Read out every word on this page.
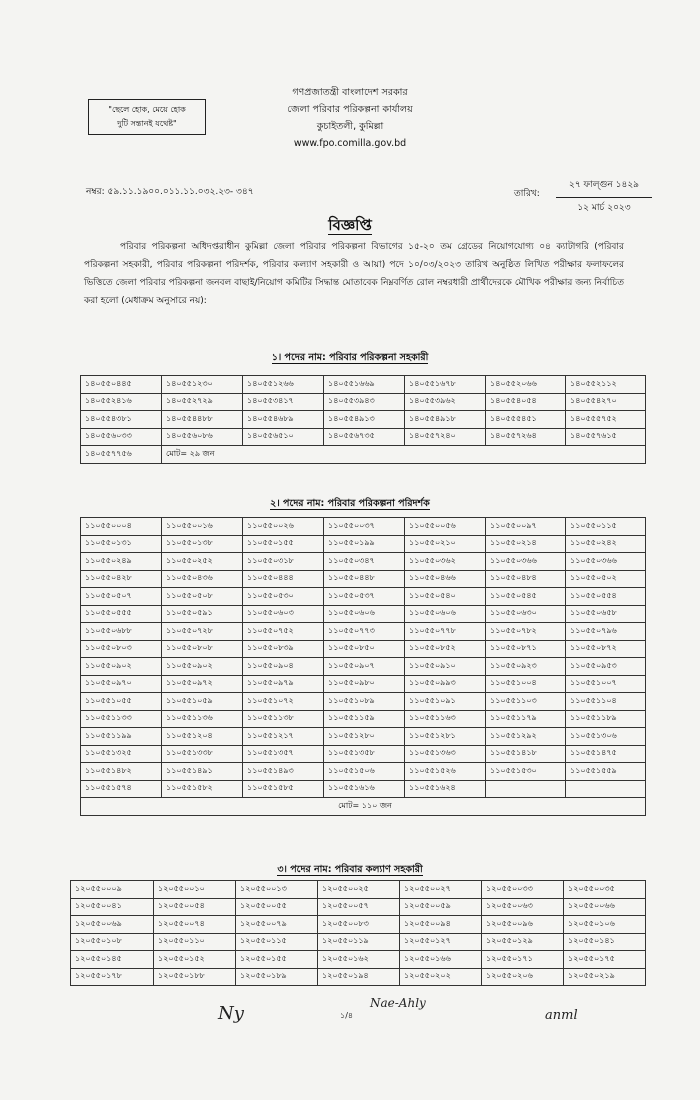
"ছেলে হোক, মেয়ে হোক
দুটি সন্তানই যথেষ্ট"
গণপ্রজাতন্ত্রী বাংলাদেশ সরকার
জেলা পরিবার পরিকল্পনা কার্যালয়
কুচাইতলী, কুমিল্লা
www.fpo.comilla.gov.bd
নম্বর: ৫৯.১১.১৯০০.০১১.১১.০৩২.২৩- ৩৪৭	তারিখ:
২৭ ফাল্গুন ১৪২৯
১২ মার্চ ২০২৩
বিজ্ঞপ্তি

পরিবার পরিকল্পনা অধিদপ্তরাধীন কুমিল্লা জেলা পরিবার পরিকল্পনা বিভাগের ১৫-২০ তম গ্রেডের নিয়োগযোগ্য ০৪ ক্যাটাগরি (পরিবার পরিকল্পনা সহকারী, পরিবার পরিকল্পনা পরিদর্শক, পরিবার কল্যাণ সহকারী ও আয়া) পদে ১০/০৩/২০২৩ তারিখ অনুষ্ঠিত লিখিত পরীক্ষার ফলাফলের ভিত্তিতে জেলা পরিবার পরিকল্পনা জনবল বাছাই/নিয়োগ কমিটির সিদ্ধান্ত মোতাবেক নিম্নবর্ণিত রোল নম্বরধারী প্রার্থীদেরকে মৌখিক পরীক্ষার জন্য নির্বাচিত করা হলো (মেধাক্রম অনুসারে নয়):

১। পদের নাম: পরিবার পরিকল্পনা সহকারী
১৪০৫৫০৪৪৫	১৪০৫৫১২৩০	১৪০৫৫১২৬৬	১৪০৫৫১৬৬৯	১৪০৫৫১৬৭৮	১৪০৫৫২০৬৬	১৪০৫৫২১১২
১৪০৫৫২৪১৬	১৪০৫৫২৭২৯	১৪০৫৫৩৪১৭	১৪০৫৫৩৯৪৩	১৪০৫৫৩৯৬২	১৪০৫৫৪০৫৪	১৪০৫৫৪২৭০
১৪০৫৫৪৩৮১	১৪০৫৫৪৪৮৮	১৪০৫৫৪৬৮৯	১৪০৫৫৪৯১৩	১৪০৫৫৪৯১৮	১৪০৫৫৫৪৫১	১৪০৫৫৫৭৫২
১৪০৫৫৬০৩৩	১৪০৫৫৬০৮৬	১৪০৫৫৬৫১০	১৪০৫৫৬৭৩৫	১৪০৫৫৭২৪০	১৪০৫৫৭২৬৪	১৪০৫৫৭৬১৫
১৪০৫৫৭৭৫৬	মোট= ২৯ জন					
২। পদের নাম: পরিবার পরিকল্পনা পরিদর্শক
১১০৫৫০০০৪	১১০৫৫০০১৬	১১০৫৫০০২৬	১১০৫৫০০৩৭	১১০৫৫০০৫৬	১১০৫৫০০৯৭	১১০৫৫০১১৫
১১০৫৫০১৩১	১১০৫৫০১৩৮	১১০৫৫০১৫৫	১১০৫৫০১৯৯	১১০৫৫০২১০	১১০৫৫০২১৪	১১০৫৫০২৪২
১১০৫৫০২৪৯	১১০৫৫০২৫২	১১০৫৫০৩১৮	১১০৫৫০৩৪৭	১১০৫৫০৩৬২	১১০৫৫০৩৬৬	১১০৫৫০৩৬৬
১১০৫৫০৪২৮	১১০৫৫০৪৩৬	১১০৫৫০৪৪৪	১১০৫৫০৪৪৮	১১০৫৫০৪৬৬	১১০৫৫০৪৮৪	১১০৫৫০৫০২
১১০৫৫০৫০৭	১১০৫৫০৫০৮	১১০৫৫০৫৩০	১১০৫৫০৫৩৭	১১০৫৫০৫৪০	১১০৫৫০৫৪৫	১১০৫৫০৫৫৪
১১০৫৫০৫৫৫	১১০৫৫০৫৯১	১১০৫৫০৬০৩	১১০৫৫০৬০৬	১১০৫৫০৬০৬	১১০৫৫০৬৩০	১১০৫৫০৬৫৮
১১০৫৫০৬৮৮	১১০৫৫০৭২৮	১১০৫৫০৭৫২	১১০৫৫০৭৭৩	১১০৫৫০৭৭৮	১১০৫৫০৭৮২	১১০৫৫০৭৯৬
১১০৫৫০৮০৩	১১০৫৫০৮০৮	১১০৫৫০৮৩৯	১১০৫৫০৮৫০	১১০৫৫০৮৫২	১১০৫৫০৮৭১	১১০৫৫০৮৭২
১১০৫৫০৯০২	১১০৫৫০৯০২	১১০৫৫০৯০৪	১১০৫৫০৯০৭	১১০৫৫০৯১০	১১০৫৫০৯২৩	১১০৫৫০৯৫৩
১১০৫৫০৯৭০	১১০৫৫০৯৭২	১১০৫৫০৯৭৯	১১০৫৫০৯৮০	১১০৫৫০৯৯৩	১১০৫৫১০০৪	১১০৫৫১০০৭
১১০৫৫১০৫৫	১১০৫৫১০৫৯	১১০৫৫১০৭২	১১০৫৫১০৮৯	১১০৫৫১০৯১	১১০৫৫১১০৩	১১০৫৫১১০৪
১১০৫৫১১৩৩	১১০৫৫১১৩৬	১১০৫৫১১৩৮	১১০৫৫১১৫৯	১১০৫৫১১৬৩	১১০৫৫১১৭৯	১১০৫৫১১৮৯
১১০৫৫১১৯৯	১১০৫৫১২০৪	১১০৫৫১২১৭	১১০৫৫১২৮০	১১০৫৫১২৮১	১১০৫৫১২৯২	১১০৫৫১৩০৬
১১০৫৫১৩২৫	১১০৫৫১৩৩৮	১১০৫৫১৩৫৭	১১০৫৫১৩৫৮	১১০৫৫১৩৬৩	১১০৫৫১৪১৮	১১০৫৫১৪৭৫
১১০৫৫১৪৮২	১১০৫৫১৪৯১	১১০৫৫১৪৯৩	১১০৫৫১৫০৬	১১০৫৫১৫২৬	১১০৫৫১৫৩০	১১০৫৫১৫৫৯
১১০৫৫১৫৭৪	১১০৫৫১৫৮২	১১০৫৫১৫৮৫	১১০৫৫১৬১৬	১১০৫৫১৬২৪		
মোট= ১১০ জন						
৩। পদের নাম: পরিবার কল্যাণ সহকারী
১২০৫৫০০০৯	১২০৫৫০০১০	১২০৫৫০০১৩	১২০৫৫০০২৫	১২০৫৫০০২৭	১২০৫৫০০৩৩	১২০৫৫০০৩৫
১২০৫৫০০৪১	১২০৫৫০০৫৪	১২০৫৫০০৫৫	১২০৫৫০০৫৭	১২০৫৫০০৫৯	১২০৫৫০০৬৩	১২০৫৫০০৬৬
১২০৫৫০০৬৯	১২০৫৫০০৭৪	১২০৫৫০০৭৯	১২০৫৫০০৮৩	১২০৫৫০০৯৪	১২০৫৫০০৯৬	১২০৫৫০১০৬
১২০৫৫০১০৮	১২০৫৫০১১০	১২০৫৫০১১৫	১২০৫৫০১১৯	১২০৫৫০১২৭	১২০৫৫০১২৯	১২০৫৫০১৪১
১২০৫৫০১৪৫	১২০৫৫০১৫২	১২০৫৫০১৫৫	১২০৫৫০১৬২	১২০৫৫০১৬৬	১২০৫৫০১৭১	১২০৫৫০১৭৫
১২০৫৫০১৭৮	১২০৫৫০১৮৮	১২০৫৫০১৮৯	১২০৫৫০১৯৪	১২০৫৫০২০২	১২০৫৫০২০৬	১২০৫৫০২১৯
Ny	Nae-Ahly
anml
১/৪
